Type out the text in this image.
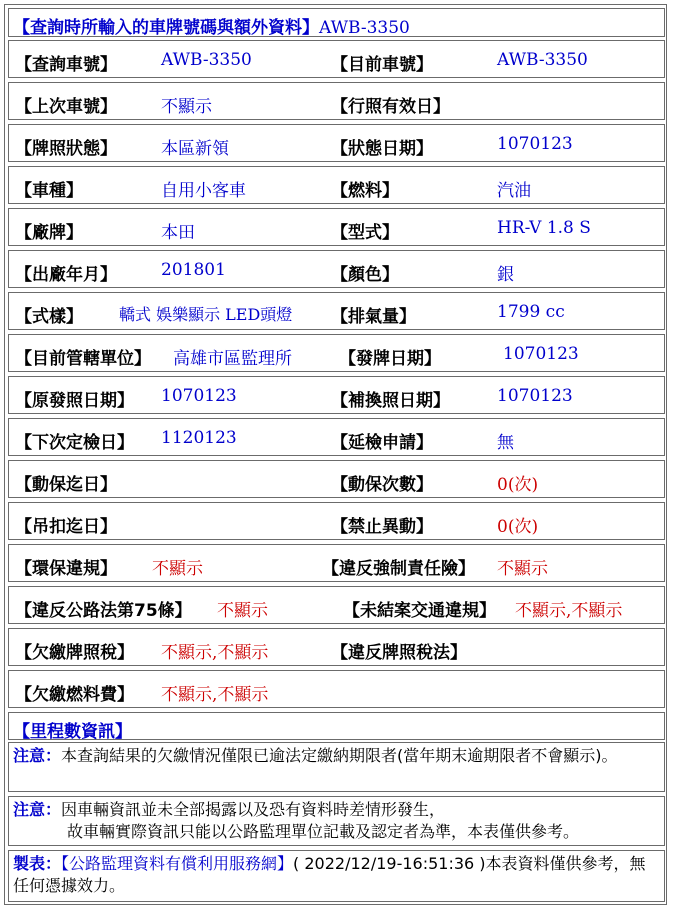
【查詢時所輸入的車牌號碼與額外資料】AWB-3350
【查詢車號】	AWB-3350	【目前車號】	AWB-3350
【上次車號】	不顯示	【行照有效日】
【牌照狀態】	本區新領	【狀態日期】	1070123
【車種】	自用小客車	【燃料】	汽油
【廠牌】	本田	【型式】	HR-V 1.8 S
【出廠年月】	201801	【顏色】	銀
【式樣】 轎式 娛樂顯示 LED頭燈 【排氣量】	1799 cc
【目前管轄單位】 高雄市區監理所	【發牌日期】	1070123
【原發照日期】 1070123	【補換照日期】	1070123
【下次定檢日】 1120123	【延檢申請】	無
【動保迄日】	【動保次數】	0(次)
【吊扣迄日】	【禁止異動】	0(次)
【環保違規】 不顯示	【違反強制責任險】 不顯示
【違反公路法第75條】 不顯示	【未結案交通違規】 不顯示,不顯示
【欠繳牌照稅】 不顯示,不顯示	【違反牌照稅法】
【欠繳燃料費】 不顯示,不顯示
【里程數資訊】
注意：本查詢結果的欠繳情況僅限已逾法定繳納期限者(當年期末逾期限者不會顯示)。
注意：因車輛資訊並未全部揭露以及恐有資料時差情形發生，
故車輛實際資訊只能以公路監理單位記載及認定者為準，本表僅供參考。
製表：【公路監理資料有償利用服務網】( 2022/12/19-16:51:36 )本表資料僅供參考，無任何憑據效力。
